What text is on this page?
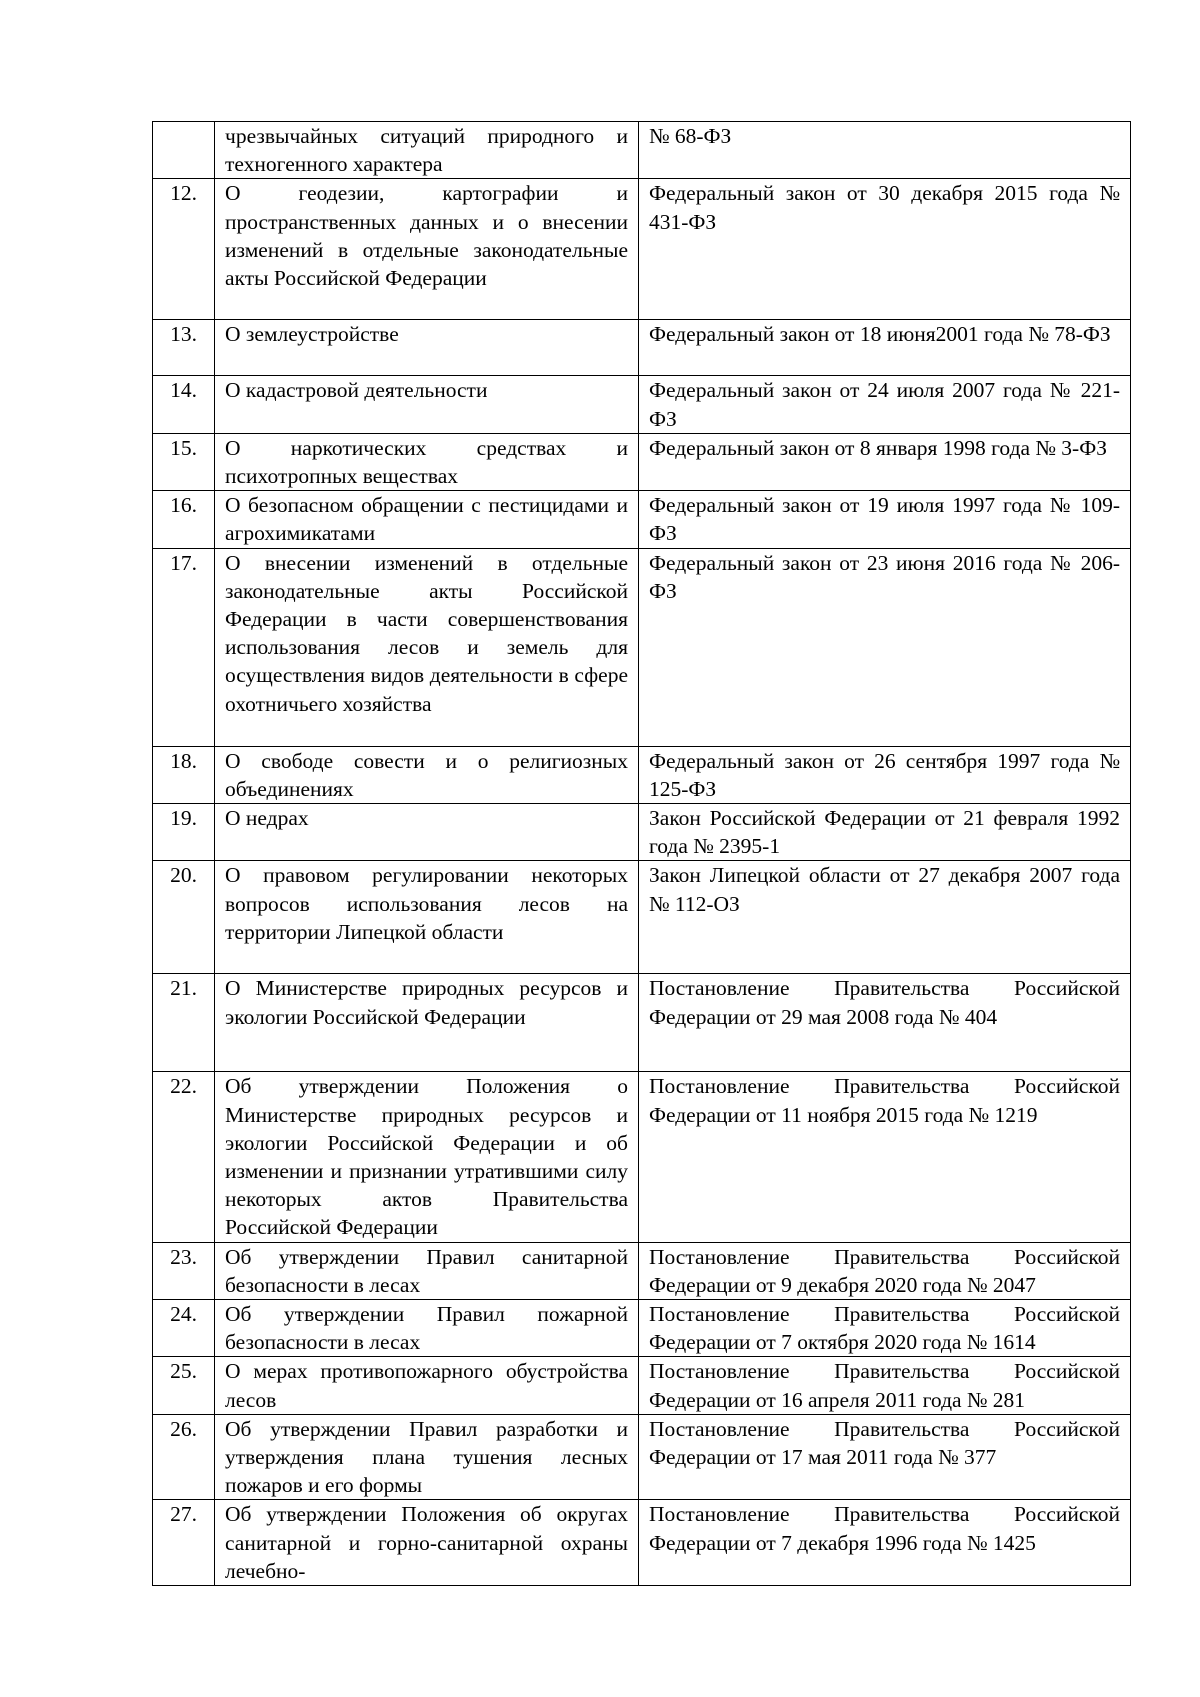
	чрезвычайных ситуаций природного и техногенного характера	№ 68-ФЗ
12.	О геодезии, картографии и пространственных данных и о внесении изменений в отдельные законодательные акты Российской Федерации	Федеральный закон от 30 декабря 2015 года № 431-ФЗ
13.	О землеустройстве	Федеральный закон от 18 июня2001 года № 78-ФЗ
14.	О кадастровой деятельности	Федеральный закон от 24 июля 2007 года № 221-ФЗ
15.	О наркотических средствах и психотропных веществах	Федеральный закон от 8 января 1998 года № 3-ФЗ
16.	О безопасном обращении с пестицидами и агрохимикатами	Федеральный закон от 19 июля 1997 года № 109-ФЗ
17.	О внесении изменений в отдельные законодательные акты Российской Федерации в части совершенствования использования лесов и земель для осуществления видов деятельности в сфере охотничьего хозяйства	Федеральный закон от 23 июня 2016 года № 206-ФЗ
18.	О свободе совести и о религиозных объединениях	Федеральный закон от 26 сентября 1997 года № 125-ФЗ
19.	О недрах	Закон Российской Федерации от 21 февраля 1992 года № 2395-1
20.	О правовом регулировании некоторых вопросов использования лесов на территории Липецкой области	Закон Липецкой области от 27 декабря 2007 года № 112-ОЗ
21.	О Министерстве природных ресурсов и экологии Российской Федерации	Постановление Правительства Российской Федерации от 29 мая 2008 года № 404
22.	Об утверждении Положения о Министерстве природных ресурсов и экологии Российской Федерации и об изменении и признании утратившими силу некоторых актов Правительства Российской Федерации	Постановление Правительства Российской Федерации от 11 ноября 2015 года № 1219
23.	Об утверждении Правил санитарной безопасности в лесах	Постановление Правительства Российской Федерации от 9 декабря 2020 года № 2047
24.	Об утверждении Правил пожарной безопасности в лесах	Постановление Правительства Российской Федерации от 7 октября 2020 года № 1614
25.	О мерах противопожарного обустройства лесов	Постановление Правительства Российской Федерации от 16 апреля 2011 года № 281
26.	Об утверждении Правил разработки и утверждения плана тушения лесных пожаров и его формы	Постановление Правительства Российской Федерации от 17 мая 2011 года № 377
27.	Об утверждении Положения об округах санитарной и горно-санитарной охраны лечебно-	Постановление Правительства Российской Федерации от 7 декабря 1996 года № 1425
